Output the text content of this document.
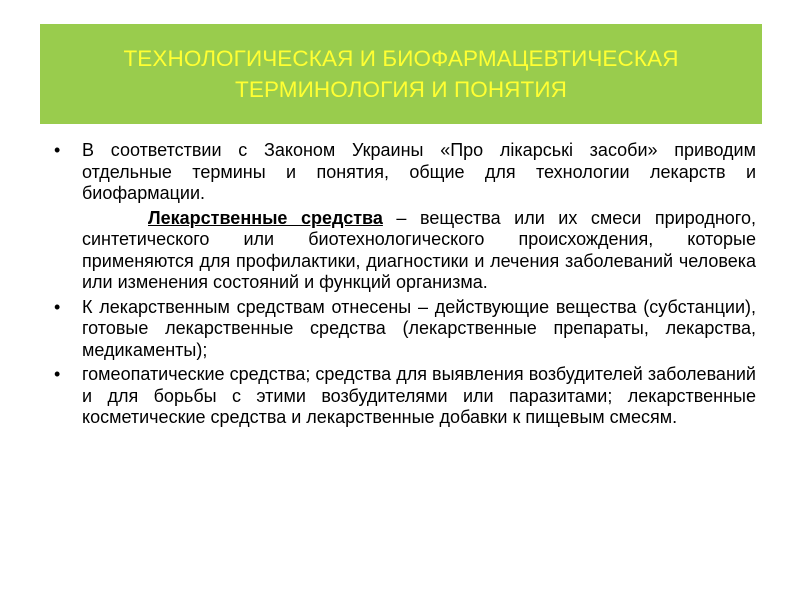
ТЕХНОЛОГИЧЕСКАЯ И БИОФАРМАЦЕВТИЧЕСКАЯ ТЕРМИНОЛОГИЯ И ПОНЯТИЯ
• В соответствии с Законом Украины «Про лікарські засоби» приводим отдельные термины и понятия, общие для технологии лекарств и биофармации.
Лекарственные средства – вещества или их смеси природного, синтетического или биотехнологического происхождения, которые применяются для профилактики, диагностики и лечения заболеваний человека или изменения состояний и функций организма.
• К лекарственным средствам отнесены – действующие вещества (субстанции), готовые лекарственные средства (лекарственные препараты, лекарства, медикаменты);
• гомеопатические средства; средства для выявления возбудителей заболеваний и для борьбы с этими возбудителями или паразитами; лекарственные косметические средства и лекарственные добавки к пищевым смесям.
